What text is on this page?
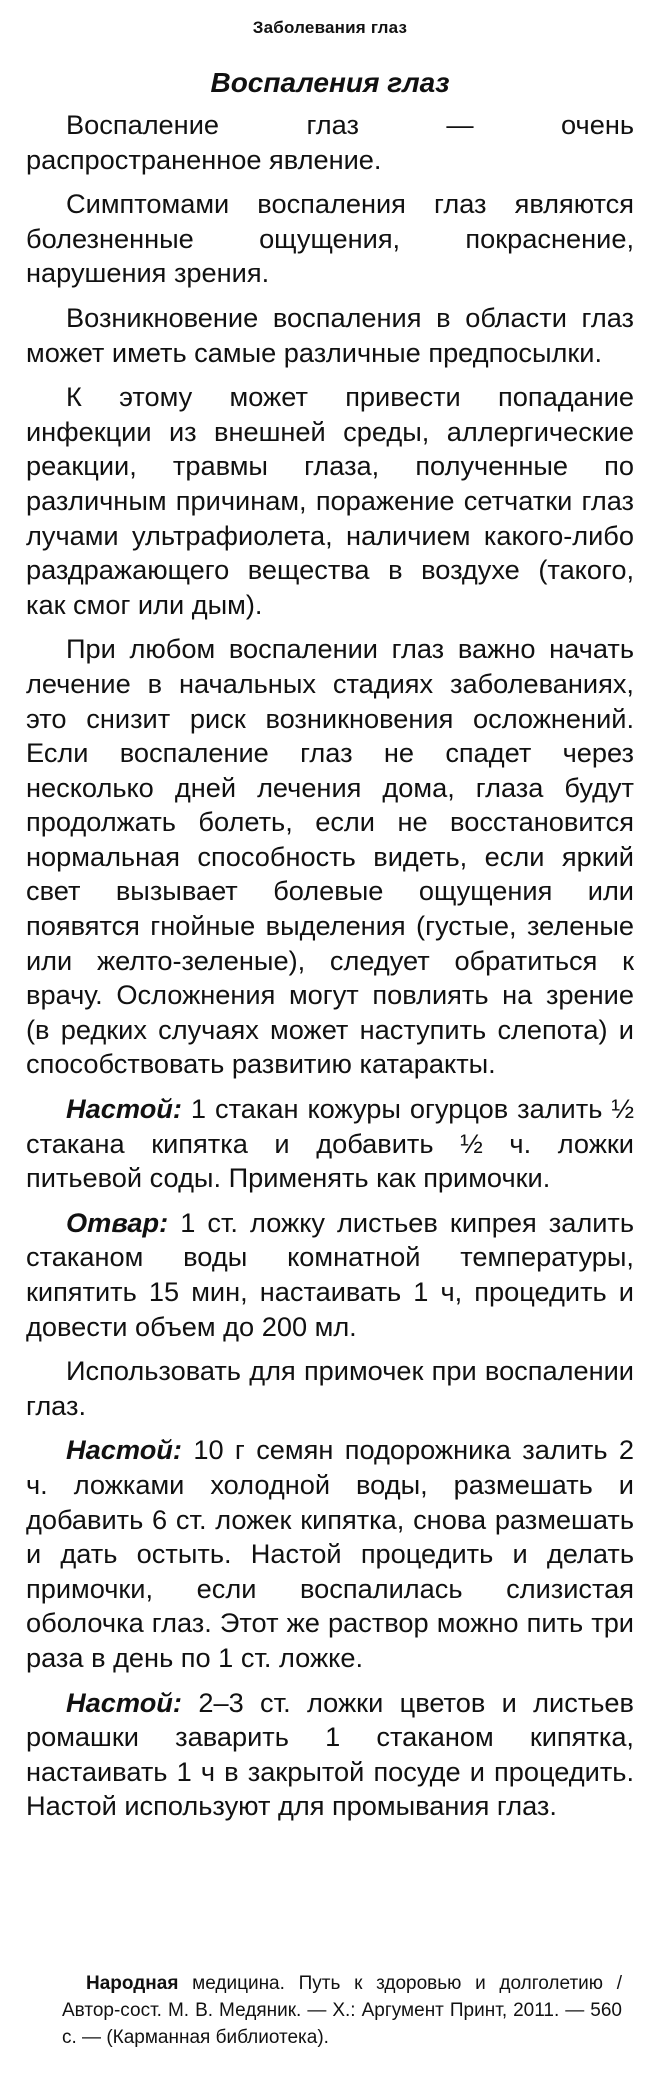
Заболевания глаз
Воспаления глаз

Воспаление глаз — очень распространенное явление.

Симптомами воспаления глаз являются болезненные ощущения, покраснение, нарушения зрения.

Возникновение воспаления в области глаз может иметь самые различные предпосылки.

К этому может привести попадание инфекции из внешней среды, аллергические реакции, травмы глаза, полученные по различным причинам, поражение сетчатки глаз лучами ультрафиолета, наличием какого-либо раздражающего вещества в воздухе (такого, как смог или дым).

При любом воспалении глаз важно начать лечение в начальных стадиях заболеваниях, это снизит риск возникновения осложнений. Если воспаление глаз не спадет через несколько дней лечения дома, глаза будут продолжать болеть, если не восстановится нормальная способность видеть, если яркий свет вызывает болевые ощущения или появятся гнойные выделения (густые, зеленые или желто-зеленые), следует обратиться к врачу. Осложнения могут повлиять на зрение (в редких случаях может наступить слепота) и способствовать развитию катаракты.

Настой: 1 стакан кожуры огурцов залить ½ стакана кипятка и добавить ½ ч. ложки питьевой соды. Применять как примочки.

Отвар: 1 ст. ложку листьев кипрея залить стаканом воды комнатной температуры, кипятить 15 мин, настаивать 1 ч, процедить и довести объем до 200 мл.

Использовать для примочек при воспалении глаз.

Настой: 10 г семян подорожника залить 2 ч. ложками холодной воды, размешать и добавить 6 ст. ложек кипятка, снова размешать и дать остыть. Настой процедить и делать примочки, если воспалилась слизистая оболочка глаз. Этот же раствор можно пить три раза в день по 1 ст. ложке.

Настой: 2–3 ст. ложки цветов и листьев ромашки заварить 1 стаканом кипятка, настаивать 1 ч в закрытой посуде и процедить. Настой используют для промывания глаз.

Народная медицина. Путь к здоровью и долголетию / Автор-сост. М. В. Медяник. — Х.: Аргумент Принт, 2011. — 560 с. — (Карманная библиотека).
